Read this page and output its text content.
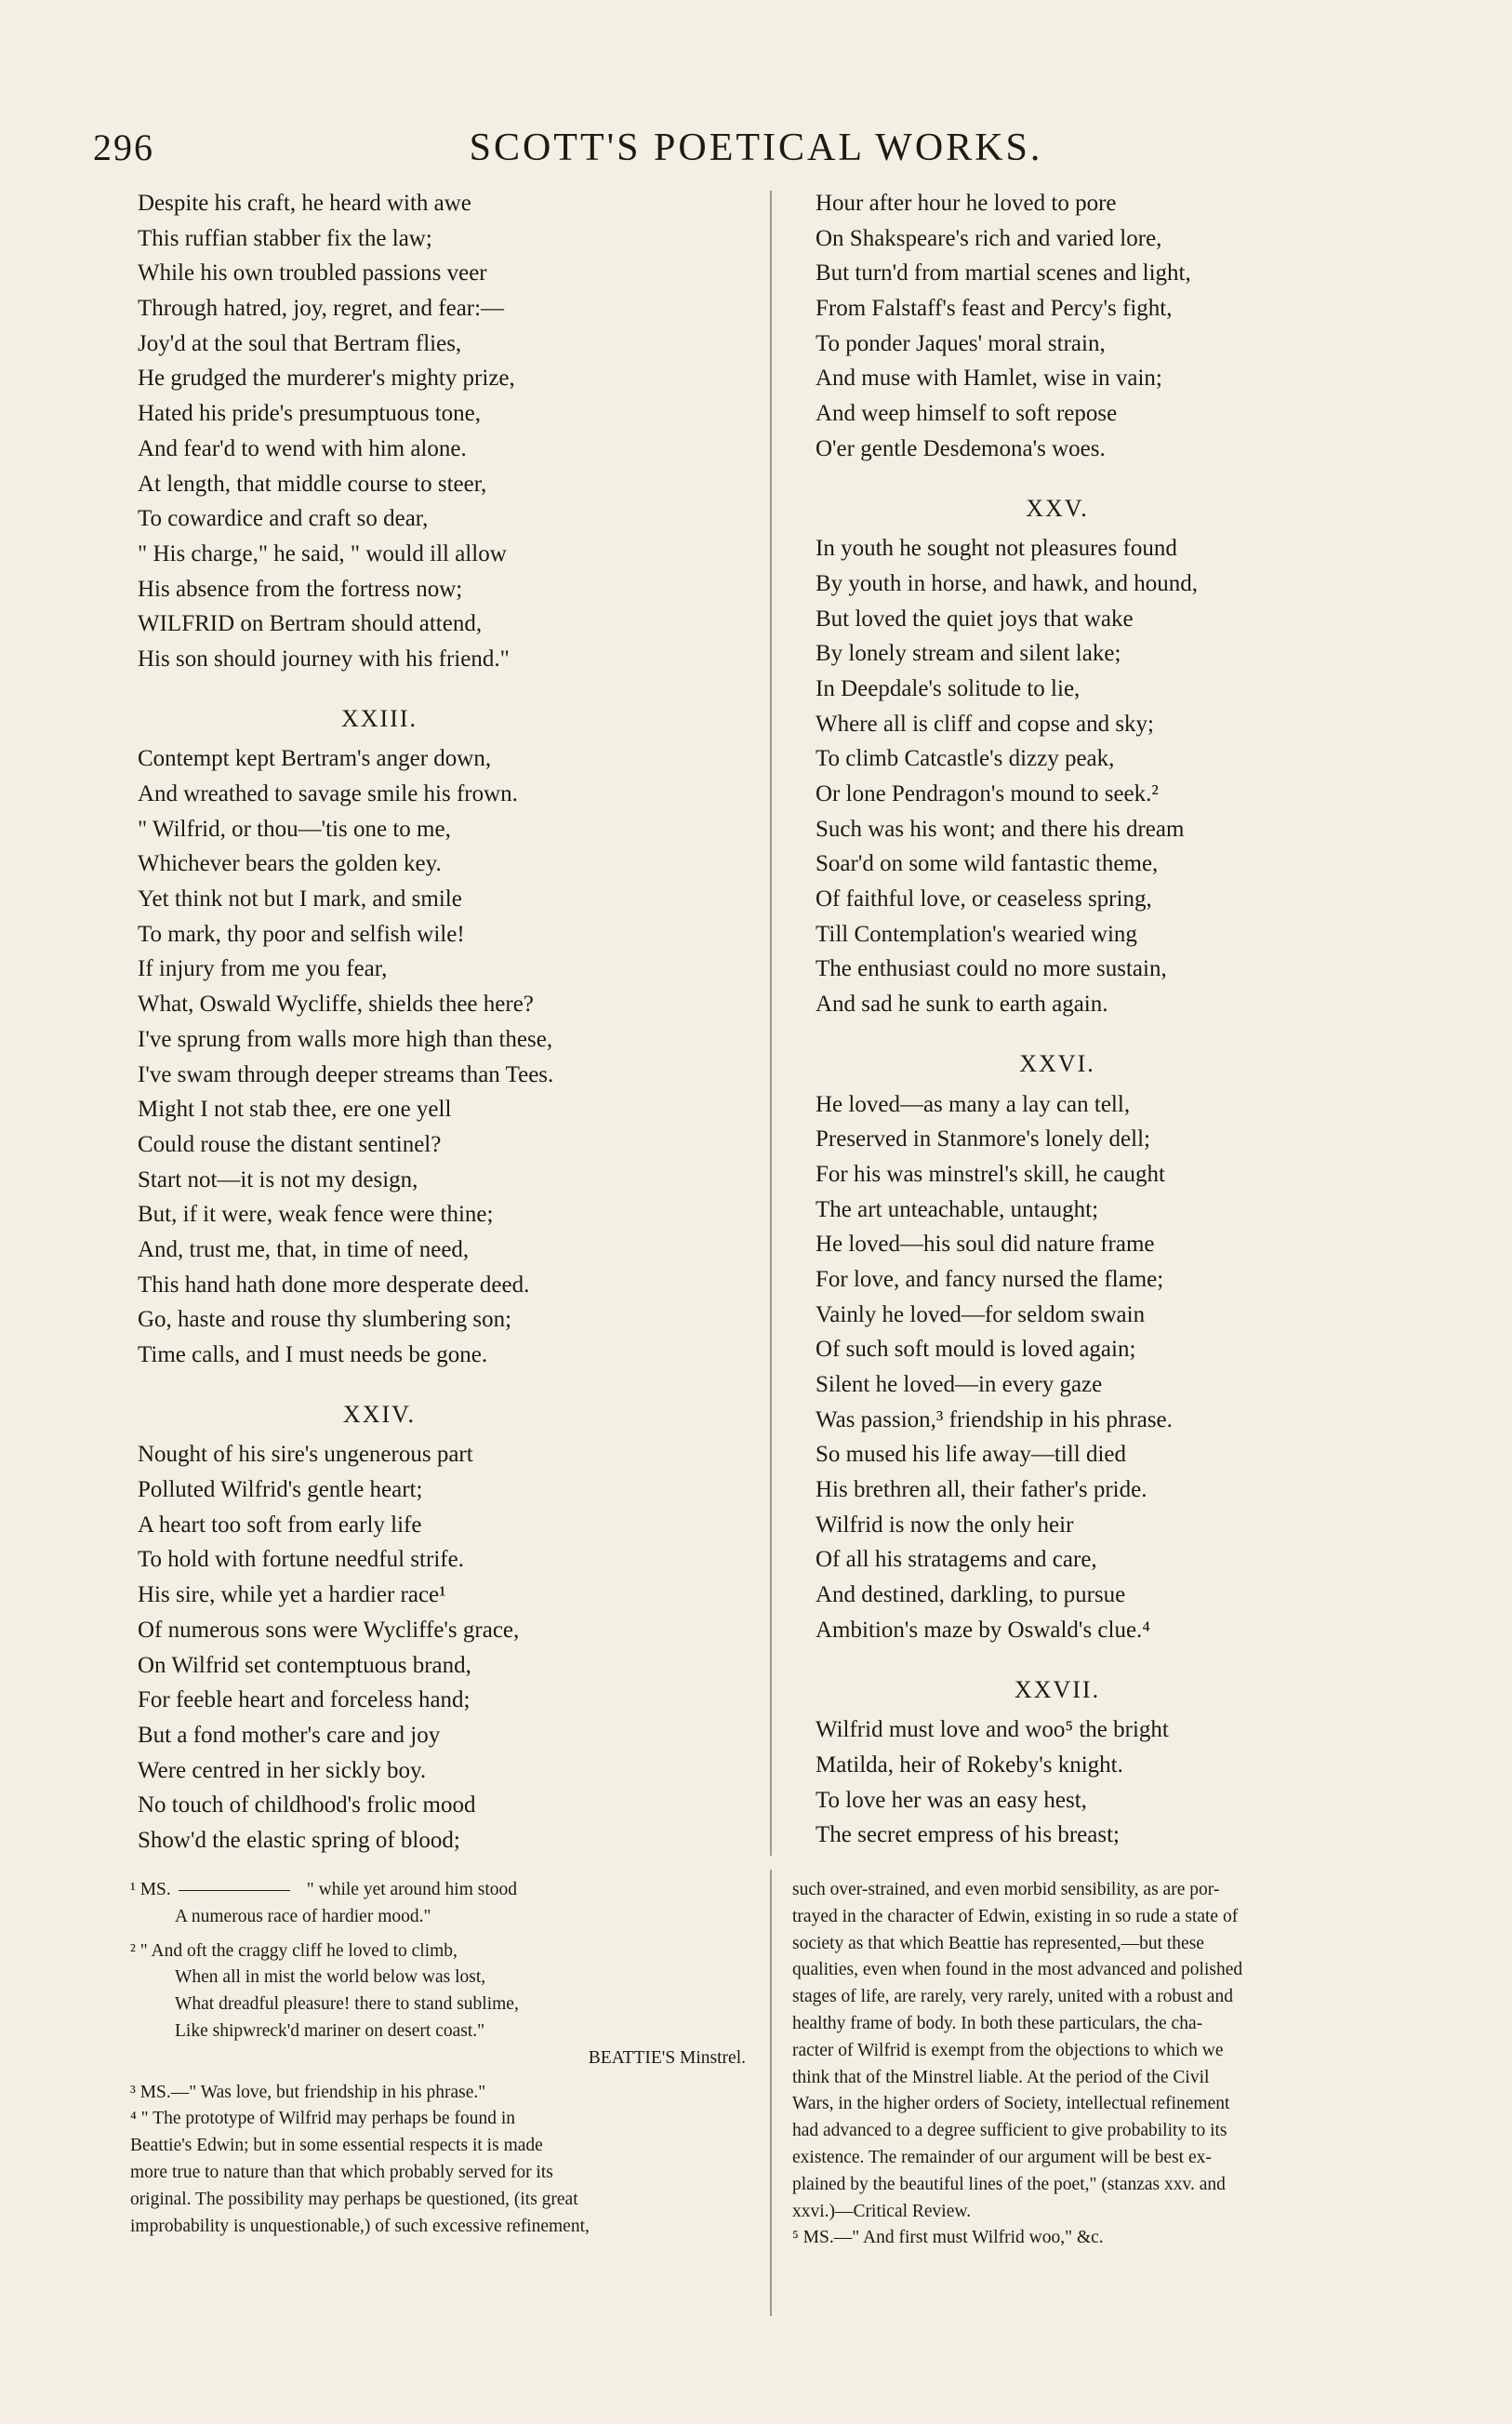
296	SCOTT'S POETICAL WORKS.
Despite his craft, he heard with awe
This ruffian stabber fix the law;
While his own troubled passions veer
Through hatred, joy, regret, and fear:—
Joy'd at the soul that Bertram flies,
He grudged the murderer's mighty prize,
Hated his pride's presumptuous tone,
And fear'd to wend with him alone.
At length, that middle course to steer,
To cowardice and craft so dear,
" His charge," he said, " would ill allow
His absence from the fortress now;
WILFRID on Bertram should attend,
His son should journey with his friend."
XXIII.
Contempt kept Bertram's anger down,
And wreathed to savage smile his frown.
" Wilfrid, or thou—'tis one to me,
Whichever bears the golden key.
Yet think not but I mark, and smile
To mark, thy poor and selfish wile!
If injury from me you fear,
What, Oswald Wycliffe, shields thee here?
I've sprung from walls more high than these,
I've swam through deeper streams than Tees.
Might I not stab thee, ere one yell
Could rouse the distant sentinel?
Start not—it is not my design,
But, if it were, weak fence were thine;
And, trust me, that, in time of need,
This hand hath done more desperate deed.
Go, haste and rouse thy slumbering son;
Time calls, and I must needs be gone.
XXIV.
Nought of his sire's ungenerous part
Polluted Wilfrid's gentle heart;
A heart too soft from early life
To hold with fortune needful strife.
His sire, while yet a hardier race¹
Of numerous sons were Wycliffe's grace,
On Wilfrid set contemptuous brand,
For feeble heart and forceless hand;
But a fond mother's care and joy
Were centred in her sickly boy.
No touch of childhood's frolic mood
Show'd the elastic spring of blood;
Hour after hour he loved to pore
On Shakspeare's rich and varied lore,
But turn'd from martial scenes and light,
From Falstaff's feast and Percy's fight,
To ponder Jaques' moral strain,
And muse with Hamlet, wise in vain;
And weep himself to soft repose
O'er gentle Desdemona's woes.
XXV.
In youth he sought not pleasures found
By youth in horse, and hawk, and hound,
But loved the quiet joys that wake
By lonely stream and silent lake;
In Deepdale's solitude to lie,
Where all is cliff and copse and sky;
To climb Catcastle's dizzy peak,
Or lone Pendragon's mound to seek.²
Such was his wont; and there his dream
Soar'd on some wild fantastic theme,
Of faithful love, or ceaseless spring,
Till Contemplation's wearied wing
The enthusiast could no more sustain,
And sad he sunk to earth again.
XXVI.
He loved—as many a lay can tell,
Preserved in Stanmore's lonely dell;
For his was minstrel's skill, he caught
The art unteachable, untaught;
He loved—his soul did nature frame
For love, and fancy nursed the flame;
Vainly he loved—for seldom swain
Of such soft mould is loved again;
Silent he loved—in every gaze
Was passion,³ friendship in his phrase.
So mused his life away—till died
His brethren all, their father's pride.
Wilfrid is now the only heir
Of all his stratagems and care,
And destined, darkling, to pursue
Ambition's maze by Oswald's clue.⁴
XXVII.
Wilfrid must love and woo⁵ the bright
Matilda, heir of Rokeby's knight.
To love her was an easy hest,
The secret empress of his breast;
¹ MS.	" while yet around him stood
A numerous race of hardier mood."
² " And oft the craggy cliff he loved to climb,
When all in mist the world below was lost,
What dreadful pleasure! there to stand sublime,
Like shipwreck'd mariner on desert coast."
BEATTIE'S Minstrel.
³ MS.—" Was love, but friendship in his phrase."
⁴ " The prototype of Wilfrid may perhaps be found in
Beattie's Edwin; but in some essential respects it is made
more true to nature than that which probably served for its
original. The possibility may perhaps be questioned, (its great
improbability is unquestionable,) of such excessive refinement,
such over-strained, and even morbid sensibility, as are por-
trayed in the character of Edwin, existing in so rude a state of
society as that which Beattie has represented,—but these
qualities, even when found in the most advanced and polished
stages of life, are rarely, very rarely, united with a robust and
healthy frame of body. In both these particulars, the cha-
racter of Wilfrid is exempt from the objections to which we
think that of the Minstrel liable. At the period of the Civil
Wars, in the higher orders of Society, intellectual refinement
had advanced to a degree sufficient to give probability to its
existence. The remainder of our argument will be best ex-
plained by the beautiful lines of the poet," (stanzas xxv. and
xxvi.)—Critical Review.
⁵ MS.—" And first must Wilfrid woo," &c.
